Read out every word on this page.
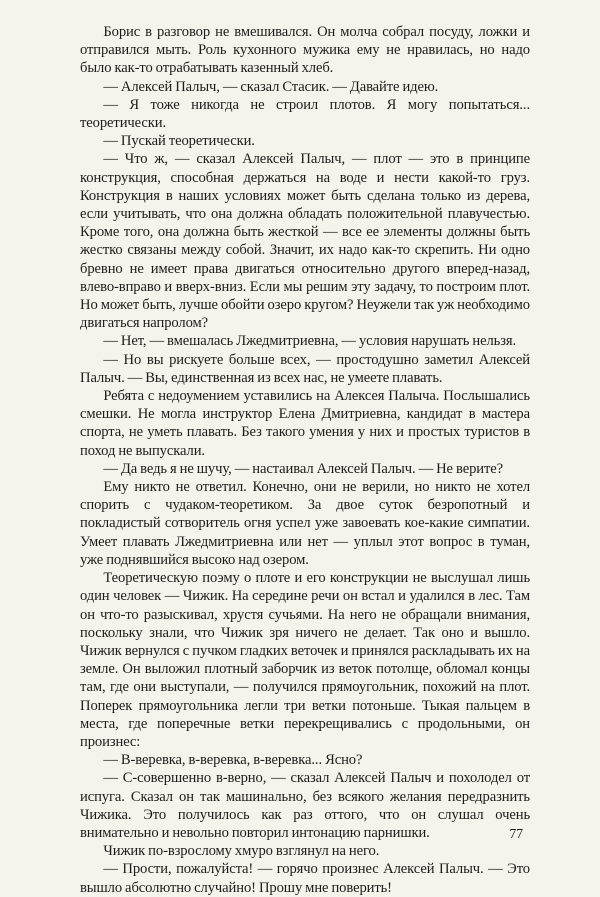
Борис в разговор не вмешивался. Он молча собрал посуду, ложки и отправился мыть. Роль кухонного мужика ему не нравилась, но надо было как-то отрабатывать казенный хлеб.

— Алексей Палыч, — сказал Стасик. — Давайте идею.

— Я тоже никогда не строил плотов. Я могу попытаться... теоретически.

— Пускай теоретически.

— Что ж, — сказал Алексей Палыч, — плот — это в принципе конструкция, способная держаться на воде и нести какой-то груз. Конструкция в наших условиях может быть сделана только из дерева, если учитывать, что она должна обладать положительной плавучестью. Кроме того, она должна быть жесткой — все ее элементы должны быть жестко связаны между собой. Значит, их надо как-то скрепить. Ни одно бревно не имеет права двигаться относительно другого вперед-назад, влево-вправо и вверх-вниз. Если мы решим эту задачу, то построим плот. Но может быть, лучше обойти озеро кругом? Неужели так уж необходимо двигаться напролом?

— Нет, — вмешалась Лжедмитриевна, — условия нарушать нельзя.

— Но вы рискуете больше всех, — простодушно заметил Алексей Палыч. — Вы, единственная из всех нас, не умеете плавать.

Ребята с недоумением уставились на Алексея Палыча. Послышались смешки. Не могла инструктор Елена Дмитриевна, кандидат в мастера спорта, не уметь плавать. Без такого умения у них и простых туристов в поход не выпускали.

— Да ведь я не шучу, — настаивал Алексей Палыч. — Не верите?

Ему никто не ответил. Конечно, они не верили, но никто не хотел спорить с чудаком-теоретиком. За двое суток безропотный и покладистый сотворитель огня успел уже завоевать кое-какие симпатии. Умеет плавать Лжедмитриевна или нет — уплыл этот вопрос в туман, уже поднявшийся высоко над озером.

Теоретическую поэму о плоте и его конструкции не выслушал лишь один человек — Чижик. На середине речи он встал и удалился в лес. Там он что-то разыскивал, хрустя сучьями. На него не обращали внимания, поскольку знали, что Чижик зря ничего не делает. Так оно и вышло. Чижик вернулся с пучком гладких веточек и принялся раскладывать их на земле. Он выложил плотный заборчик из веток потолще, обломал концы там, где они выступали, — получился прямоугольник, похожий на плот. Поперек прямоугольника легли три ветки потоньше. Тыкая пальцем в места, где поперечные ветки перекрещивались с продольными, он произнес:

— В-веревка, в-веревка, в-веревка... Ясно?

— С-совершенно в-верно, — сказал Алексей Палыч и похолодел от испуга. Сказал он так машинально, без всякого желания передразнить Чижика. Это получилось как раз оттого, что он слушал очень внимательно и невольно повторил интонацию парнишки.

Чижик по-взрослому хмуро взглянул на него.

— Прости, пожалуйста! — горячо произнес Алексей Палыч. — Это вышло абсолютно случайно! Прошу мне поверить!

77
